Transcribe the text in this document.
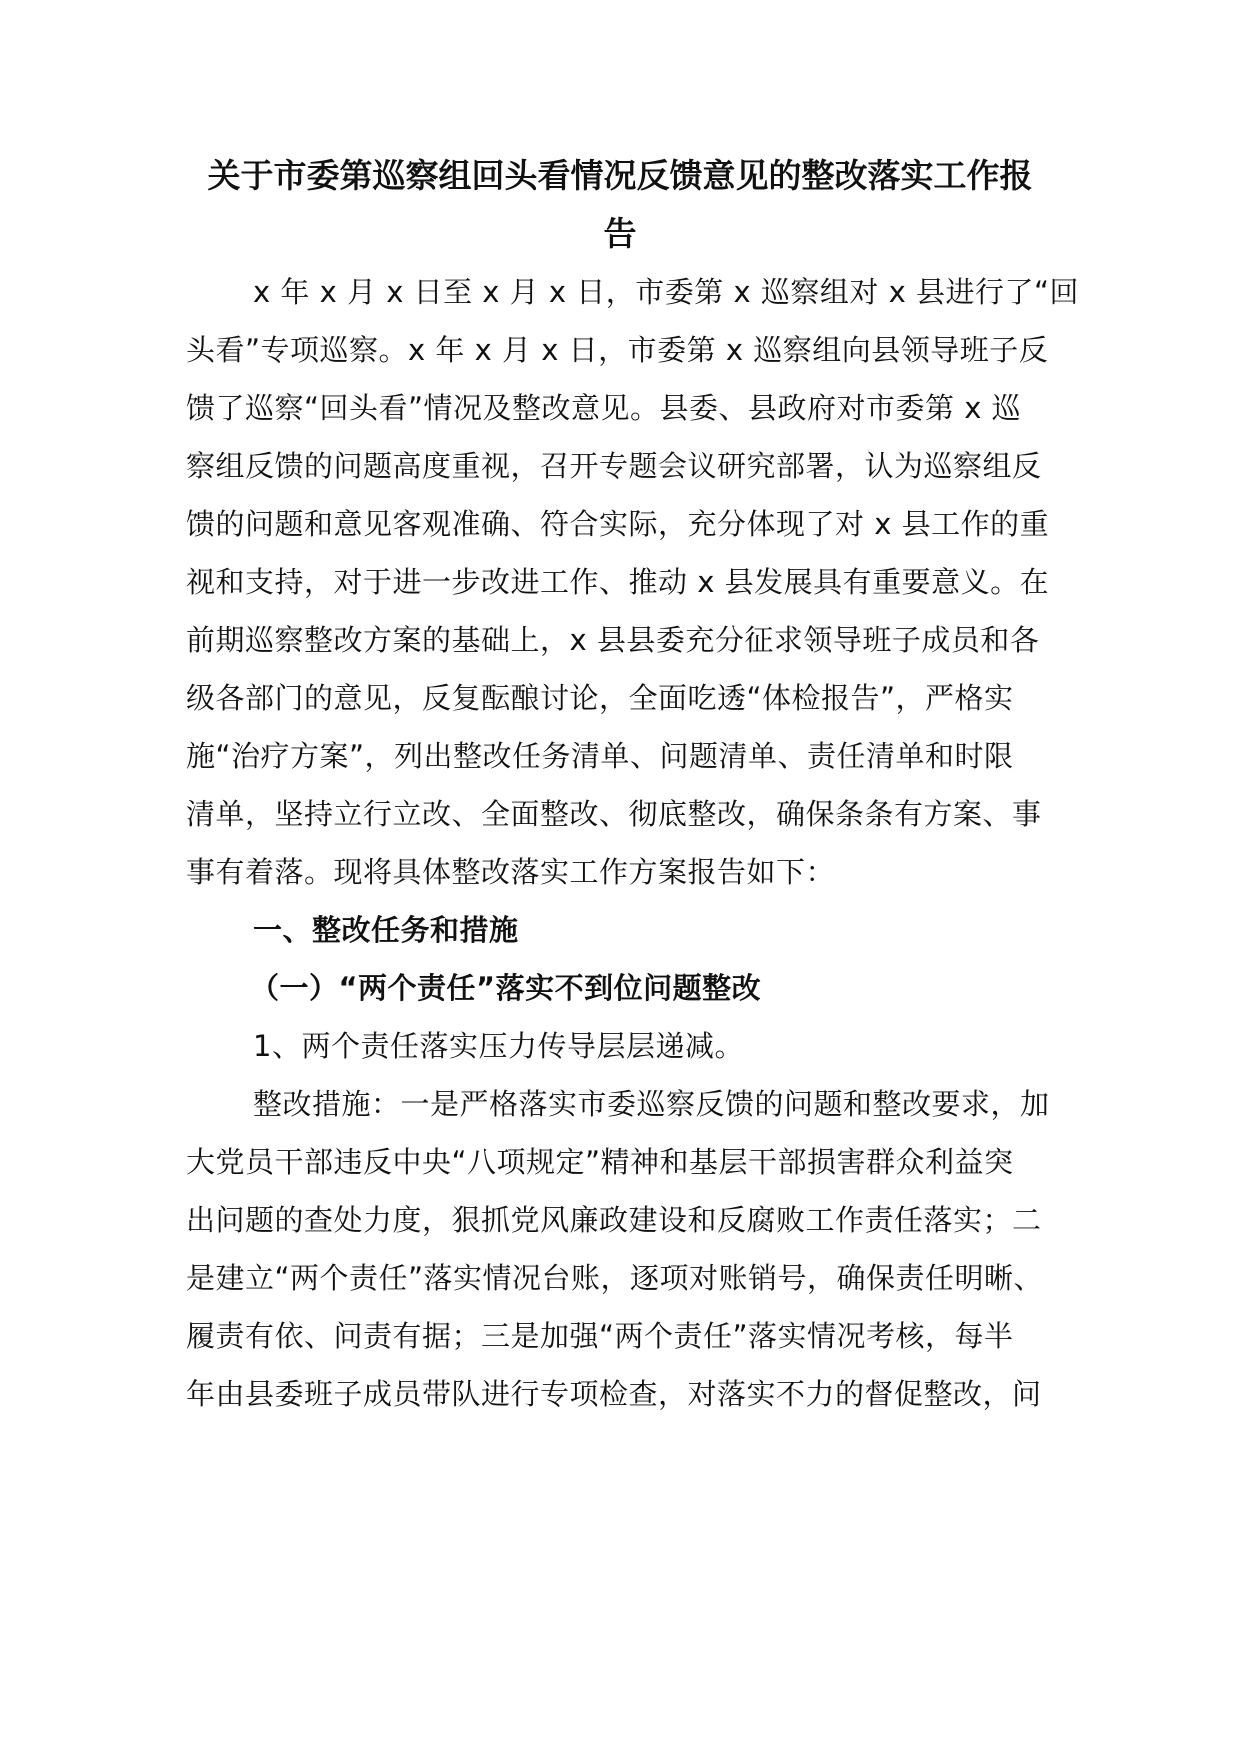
关于市委第巡察组回头看情况反馈意见的整改落实工作报
告
x 年 x 月 x 日至 x 月 x 日，市委第 x 巡察组对 x 县进行了“回
头看”专项巡察。x 年 x 月 x 日，市委第 x 巡察组向县领导班子反
馈了巡察“回头看”情况及整改意见。县委、县政府对市委第 x 巡
察组反馈的问题高度重视，召开专题会议研究部署，认为巡察组反
馈的问题和意见客观准确、符合实际，充分体现了对 x 县工作的重
视和支持，对于进一步改进工作、推动 x 县发展具有重要意义。在
前期巡察整改方案的基础上，x 县县委充分征求领导班子成员和各
级各部门的意见，反复酝酿讨论，全面吃透“体检报告”，严格实
施“治疗方案”，列出整改任务清单、问题清单、责任清单和时限
清单，坚持立行立改、全面整改、彻底整改，确保条条有方案、事
事有着落。现将具体整改落实工作方案报告如下：
一、整改任务和措施
（一）“两个责任”落实不到位问题整改
1、两个责任落实压力传导层层递减。
整改措施：一是严格落实市委巡察反馈的问题和整改要求，加
大党员干部违反中央“八项规定”精神和基层干部损害群众利益突
出问题的查处力度，狠抓党风廉政建设和反腐败工作责任落实；二
是建立“两个责任”落实情况台账，逐项对账销号，确保责任明晰、
履责有依、问责有据；三是加强“两个责任”落实情况考核，每半
年由县委班子成员带队进行专项检查，对落实不力的督促整改，问
